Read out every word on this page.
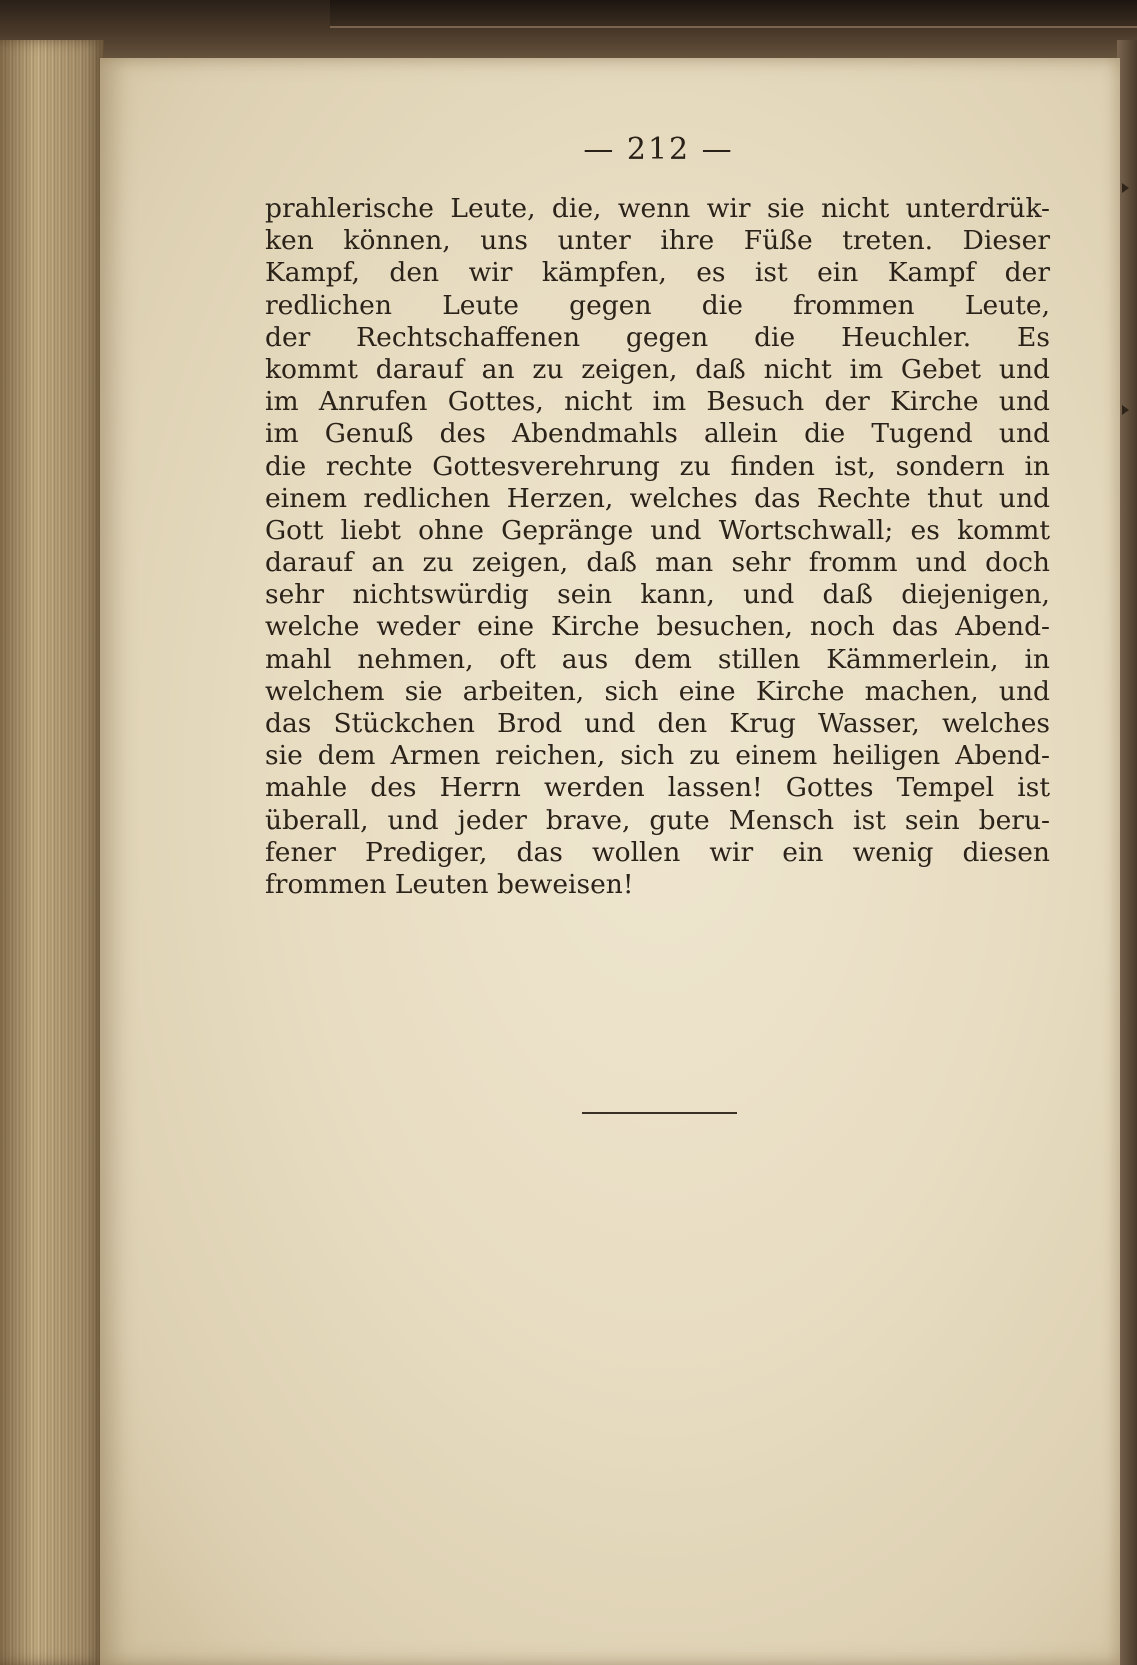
— 212 —
prahlerische Leute, die, wenn wir sie nicht unterdrük-
ken können, uns unter ihre Füße treten. Dieser
Kampf, den wir kämpfen, es ist ein Kampf der
redlichen Leute gegen die frommen Leute,
der Rechtschaffenen gegen die Heuchler. Es
kommt darauf an zu zeigen, daß nicht im Gebet und
im Anrufen Gottes, nicht im Besuch der Kirche und
im Genuß des Abendmahls allein die Tugend und
die rechte Gottesverehrung zu finden ist, sondern in
einem redlichen Herzen, welches das Rechte thut und
Gott liebt ohne Gepränge und Wortschwall; es kommt
darauf an zu zeigen, daß man sehr fromm und doch
sehr nichtswürdig sein kann, und daß diejenigen,
welche weder eine Kirche besuchen, noch das Abend-
mahl nehmen, oft aus dem stillen Kämmerlein, in
welchem sie arbeiten, sich eine Kirche machen, und
das Stückchen Brod und den Krug Wasser, welches
sie dem Armen reichen, sich zu einem heiligen Abend-
mahle des Herrn werden lassen! Gottes Tempel ist
überall, und jeder brave, gute Mensch ist sein beru-
fener Prediger, das wollen wir ein wenig diesen
frommen Leuten beweisen!
